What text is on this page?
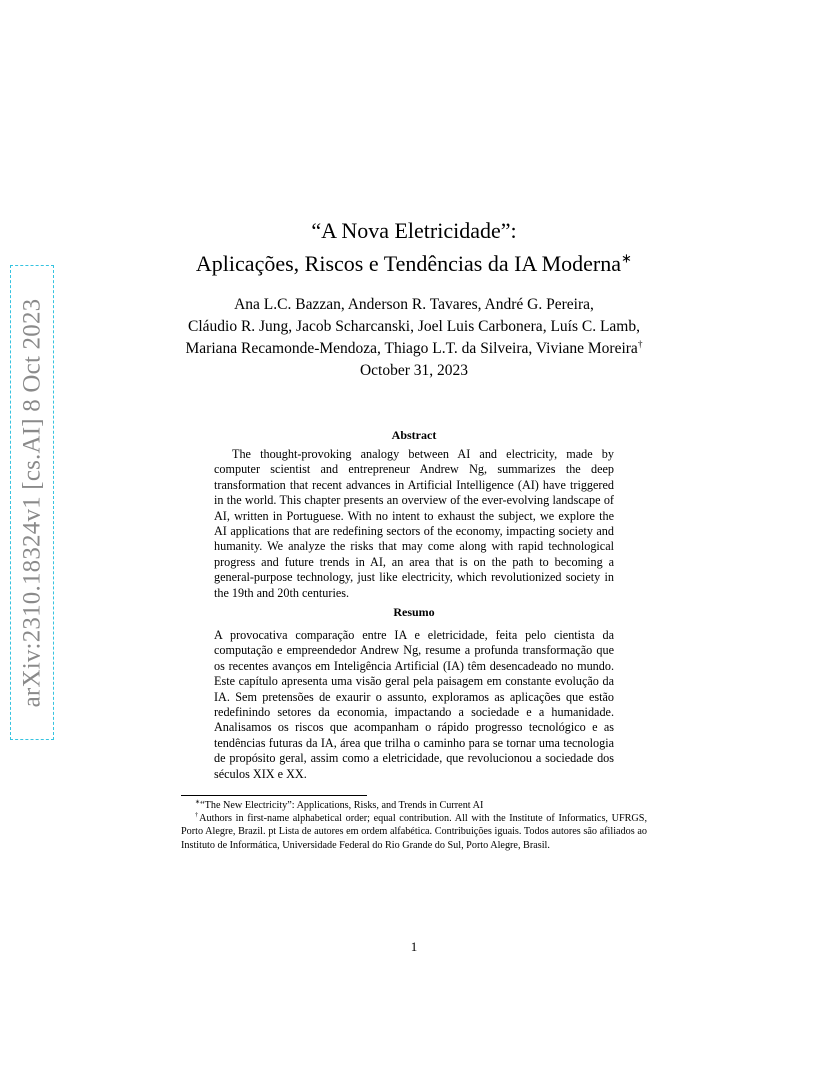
arXiv:2310.18324v1 [cs.AI] 8 Oct 2023
“A Nova Eletricidade”:
Aplicações, Riscos e Tendências da IA Moderna∗
Ana L.C. Bazzan, Anderson R. Tavares, André G. Pereira,
Cláudio R. Jung, Jacob Scharcanski, Joel Luis Carbonera, Luís C. Lamb,
Mariana Recamonde-Mendoza, Thiago L.T. da Silveira, Viviane Moreira†
October 31, 2023
Abstract
The thought-provoking analogy between AI and electricity, made by computer scientist and entrepreneur Andrew Ng, summarizes the deep transformation that recent advances in Artificial Intelligence (AI) have triggered in the world. This chapter presents an overview of the ever-evolving landscape of AI, written in Portuguese. With no intent to exhaust the subject, we explore the AI applications that are redefining sectors of the economy, impacting society and humanity. We analyze the risks that may come along with rapid technological progress and future trends in AI, an area that is on the path to becoming a general-purpose technology, just like electricity, which revolutionized society in the 19th and 20th centuries.
Resumo
A provocativa comparação entre IA e eletricidade, feita pelo cientista da computação e empreendedor Andrew Ng, resume a profunda transformação que os recentes avanços em Inteligência Artificial (IA) têm desencadeado no mundo. Este capítulo apresenta uma visão geral pela paisagem em constante evolução da IA. Sem pretensões de exaurir o assunto, exploramos as aplicações que estão redefinindo setores da economia, impactando a sociedade e a humanidade. Analisamos os riscos que acompanham o rápido progresso tecnológico e as tendências futuras da IA, área que trilha o caminho para se tornar uma tecnologia de propósito geral, assim como a eletricidade, que revolucionou a sociedade dos séculos XIX e XX.
∗“The New Electricity”: Applications, Risks, and Trends in Current AI
†Authors in first-name alphabetical order; equal contribution. All with the Institute of Informatics, UFRGS, Porto Alegre, Brazil. pt Lista de autores em ordem alfabética. Contribuições iguais. Todos autores são afiliados ao Instituto de Informática, Universidade Federal do Rio Grande do Sul, Porto Alegre, Brasil.
1
